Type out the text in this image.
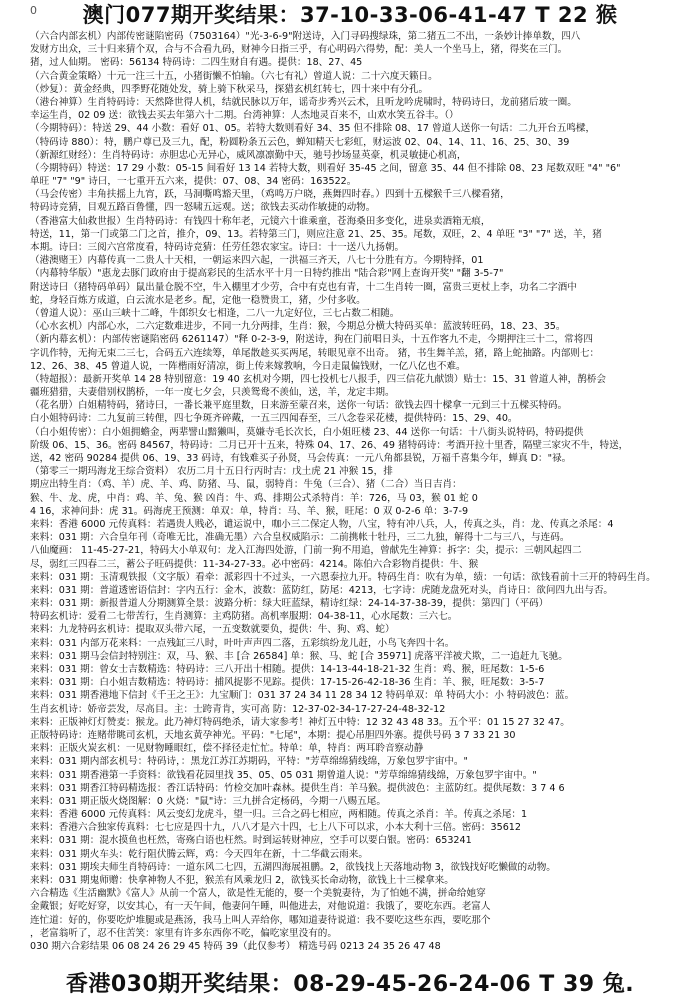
0	澳门077期开奖结果：37-10-33-06-41-47 T 22 猴
（六合内部玄机）内部传密谜陷密码（7503164）"光-3-6-9"附送诗，入门寻码搜绿珠，第二猪五二不出，一条妙计捧单数，四八
发财方出众，三十归来猜个双，合与不合看九码，财神今日指三乎，有心明码六得势，配：美人一个坐马上，猪，得奖在三门。
猪，过人仙期。 密码：56134 特码诗：二四生财自有遇。提供：18、27、45
（六合黄金策略）十元一注三十五，小猪街懒不怕输。（六七有礼）曾道人说：二十六度天籁日。
（炒复）：黄金经典，四季野花随处发，骑上骑下秋采马，探猎玄机红转七，四十来中有分孔。
（港台神算）生肖特码诗：天然降世得人机，结就民脉以万年，谣奇步秀兴云术，且听龙吟虎啸时，特码诗曰，龙前猪后玻一圈。
幸运生肖，02 09 送：欲钱去买去年第六十二期。台湾神算：人杰地灵百来不，山欢水笑五谷丰。（）
（今期特码）：特送 29、44 小数：看好 01、05。若特大数则看好 34、35 但不排除 08、17 曾道人送你一句话：二九开台五鸣樑，
（特码诗 880）：特，鹏户尊已及三九，配，粉圆粉条五云色，蝉知精天七彩虹，财运波 02、04、14、11、16、25、30、39
（新源红财经）：生肖特码诗：赤胆忠心无异心，威风凛凛勤中天，驰号抄场显英豪，机灵敏捷心机高，
（今期特码）特送：17 29 小数：05-15 间看好 13 14 若特大数，则看好 35-45 之间，留意 35、44 但不排除 08、23 尾数双旺 "4" "6"
单旺 "7" "9" 诗曰，一七重开五六来，提供：07、08、34 密码：163522。
（马会传密）丰角扶摇上九宵，跃，马洞嘶鸣豁天里，（鸡鸣万户晓，燕舞四时春。）四到十五樑猴千三八樑看猪，
特码诗竞猜，目观五路百鲁懂，四一怒啸五远观。送；欲钱去买动作敏捷的动物。
（香港富大仙救世报）生肖特码诗：有钱四十称年老，元镜六十谁乘童，苍海桑田多变化，进泉卖酒箱无痕，
特送，11，第一门或第二门之首，推介，09、13。若特第三门，则应注意 21、25、35。尾数，双旺，2、4 单旺 "3" "7" 送，羊，猪
本期。诗曰：三阅六宫常度看，特码诗竞猜：任劳任怨农家宝。诗曰：十一送八九扬朝。
（港澳赌王）内幕传真一二贵人十天相，一朝运来四六起，一洪福三齐天，八七十分胜有方。今期特择，01
（内幕特华版）"惠龙去豚门政府由于提高彩民的生活水平十月一日特约推出 "陆合彩"网上查询开奖" "翻 3-5-7"
附送诗曰（猪特码单码）鼠出量仓脱不空，牛入棚里才少劳，合中有克也有青，十二生肖转一圈，富贵三更杖上李，功名二字酒中
蛇，身轻百炼方成道，白云流水是老乡。配，定他一稳赞贵工，猪，少付多收。
（曾道人说）：巫山三峡十二峰，牛郎织女七相逢，二八一九定好位，三七占数二相随。
（心水玄机）内部心水，二六定数难进步，不同一九分两排，生肖：猴，今期总分横大特码买单：蓝波转旺码，18、23、35。
（新内幕玄机）：内部传密谜陷密码 6261147）"释 0-2-3-9，附送诗，狗在门前唱日头，十五作客九不走，今期押注三十二，常将四
字讥作特，无拘无束二三七，合码五六连续筹，单尾散趁买买两尾，转眼见章不出奇。 猪，书生舞羊羔，猪，路上蛇抽路。内部则七：
12、26、38、45 曾道人说，一阵楷雨好清凉，街上传来嫁教响，今日走鼠偏钱财，一亿八亿也不难。
（特超报）：最新开奖单 14 28 特别留意：19 40 玄机对今期，四七投机七八报手，四三信花九献馈）贴士：15、31 曾道人神，鹊桥会
疆班猎猎，夫妻借别权鹊桥，一年一度七夕会，只羡鸳鸯不羡仙，送，羊，龙定丰期。
（花名册）白姐精特码，猪诗曰，一番长兼平庭里数，日来游至蒙召来，送你一句话：欲钱去四十樑拿一元到三十五樑买特码。
白小姐特码诗：二九复前三转俚，四七争斑齐碎戴，一五三四闻春至，三八念卷采花楼，提供特码：15、29、40。
（白小姐传密）：白小姐拥蟾金，两辈譬山黯獭叫，莫嫌寺毛长次长，白小姐旺楼 23、44 送你一句话：十八街头说特码，特码提供
阶级 06、15、36。密码 84567，特码诗：二月已开十五来，特殊 04、17、26、49 猪特码诗：考酒开拉十里香，隔壁三家灾不牛，特送，
送，42 密码 90284 提供 06、19、33 码诗，有钱难买子孙贤，马会传真：一元八角都县锐，万福千喜集今年，蝉真 D："禄。
（第零三一期玛海龙王综合资料） 农历二月十五日行丙时吉：戊土虎 21 冲猴 15，排
期应出特生肖：（鸡、羊）虎、羊、鸡、防猪、马、鼠，弱特肖：牛兔（三合）、猪（二合）当日吉肖：
猴、牛、龙、虎，中肖：鸡、羊、兔、猴 凶肖：牛、鸡、排期公式杀特肖：羊：726，马 03，猴 01 蛇 0
4 16，求神问卦：虎 31。码海虎王预测：单双：单，特肖：马、羊、猴，旺尾：0 双 0-2-6 单：3-7-9
来料：香港 6000 元传真料：若遇贵人贱必，谴运说中，咖小三二保定人物，八宝，特有冲八兵，人，传真之头，肖：龙、传真之杀尾：4
来料：031 期：六合皇年刊（奇唯无比，准确无墨）六合皇权威陷示：二前携帐十牡丹，三二九独，解得十二与三八，与连码。
八仙魔画： 11-45-27-21，特码大小单双句：龙入江海四处游，门前一狗不用追，曾献先生神算：拆字：尖，提示：三朝风起四二
尽，弱红三四春二三，蓄公子旺码提供：11-34-27-33。必中密码：4214。陈伯六合彩物肖提供：牛、猴
来料：031 期：玉清观铁报（文字版）看牵：派彩四十不过头，一六恩泰拉九开。特码生肖：吹有为单，绩：一句话：欲钱看前十三开的特码生肖。
来料：031 期：普道透密语信封：字内五行：金木，波数：蓝防红，防尾：4213，七字诗：虎随龙盘死对头，肖诗日：欲问四九出与否。
来料：031 期：新报普道人分期测算全景：波路分析：绿大旺蓝绿，精诗红绿：24-14-37-38-39，提供：第四门（平码）
特码玄机诗：爱看二七带苦行，生肖测算：主鸡防猪。高机率服期：04-38-11，心水尾数：三六七。
来料：九龙特码玄机诗：提取双头带六尾，一五变数就要负，提供：牛、狗、鸡、蛇）
来料：031 内部万花来料：一点残缸三八时，叶叶声声四二落，五彩缤纷龙儿赶，小鸟飞奔四十名。
来料：031 期马会信封特别注：双，马、猴、丰 [合 26584] 单：猴、马、蛇 [合 35971] 虎落平洋被犬欺，二一追赶九飞驰。
来料：031 期：曾女士吉数精选：特码诗：三八开出十相随。提供：14-13-44-18-21-32 生肖：鸡、猴，旺尾数：1-5-6
来料：031 期：白小姐吉数精选：特码诗：捕风捉影不见踪。提供：17-15-26-42-18-36 生肖：羊、猴，旺尾数：3-5-7
来料：031 期香港地下信封《千王之王》：九宝顺门：031 37 24 34 11 28 34 12 特码单双：单 特码大小：小 特码波色：蓝。
生肖玄机诗：娇帝芸发，尽高目。主：士跨青肯，实可高 防：12-37-02-34-17-27-24-48-32-12
来料：正版神灯灯赞麦：猴龙。此乃神灯特码绝杀，请大家参考！神灯五中特：12 32 43 48 33。五个平：01 15 27 32 47。
正版特码诗：连赌带眺司玄机，天地玄黄孕神光。平码："七尾"，本期：提心吊胆四外寨。提供号码 3 7 33 21 30
来料：正版火炭玄机：一见财物睡眼红，偿不择径走忙忙。特单：单，特肖：两耳聆音察动静
来料：031 期内部玄机号：特码诗，：黑龙江苏江苏期码，平特："芳草绵绵猜线绵，万象包罗宇宙中。"
来料：031 期香港第一手资料：欲钱看花园里找 35、05、05 031 期曾道人说："芳草绵绵猜线绵，万象包罗宇宙中。"
来料：031 期香江特码精选报：香江话特码：竹检交加叶森林。提供生肖：羊马猴。提供波色：主蓝防红。提供尾数：3 7 4 6
来料：031 期正版火烧图解：0 火烧："鼠"诗：三九拼合定杨码，今期一八赐五尾。
来料：香港 6000 元传真料：风云变幻龙虎斗，望一归。三合之码七相应，两相随。传真之杀肖：羊。传真之杀尾：1
来料：香港六合独家传真料：七七应是四十九，八八才是六十四，七上八下可以求，小本大利十三倍。密码：35612
来料：031 期：混水摸鱼也枉然，寄殇白语也枉然。时到运转财神应，空手可以要白银。密码：653241
来料：031 期火车头：乾行阻伏腾云辉，鸡：今天四年在新，十二华截云雨来。
来料：031 期埃夫师生肖特码诗：一道东风二七四，五湖四海展祖鹏。2，欲钱找上天落地动物 3，欲钱找好吃懒做的动物。
来料：031 期鬼师赠：快拿神物人不犯，猴羔有风乘龙归 2，欲钱买长命动物，欲钱上十三樑拿来。
六合精选《生活幽默》《富人》从前一个富人，欲是性无能的，娶一个美貌妻待，为了怕她不满，拼命给她穿
金戴银；好吃好穿，以安其心，有一天午间，他妻问午睡，叫他进去，对他说道：我饿了，要吃东西。老富人
连忙道：好的，你要吃炉堆腿或是燕汤，我马上叫人弄给你，哪知道妻待说道：我不要吃这些东西，要吃那个
，老富翁听了，忍不住苦笑：家里有许多东西你不吃，偏吃家里没有的。
030 期六合彩结果 06 08 24 26 29 45 特码 39（此仅参考） 精选号码 0213 24 35 26 47 48
香港030期开奖结果：08-29-45-26-24-06 T 39 兔.
